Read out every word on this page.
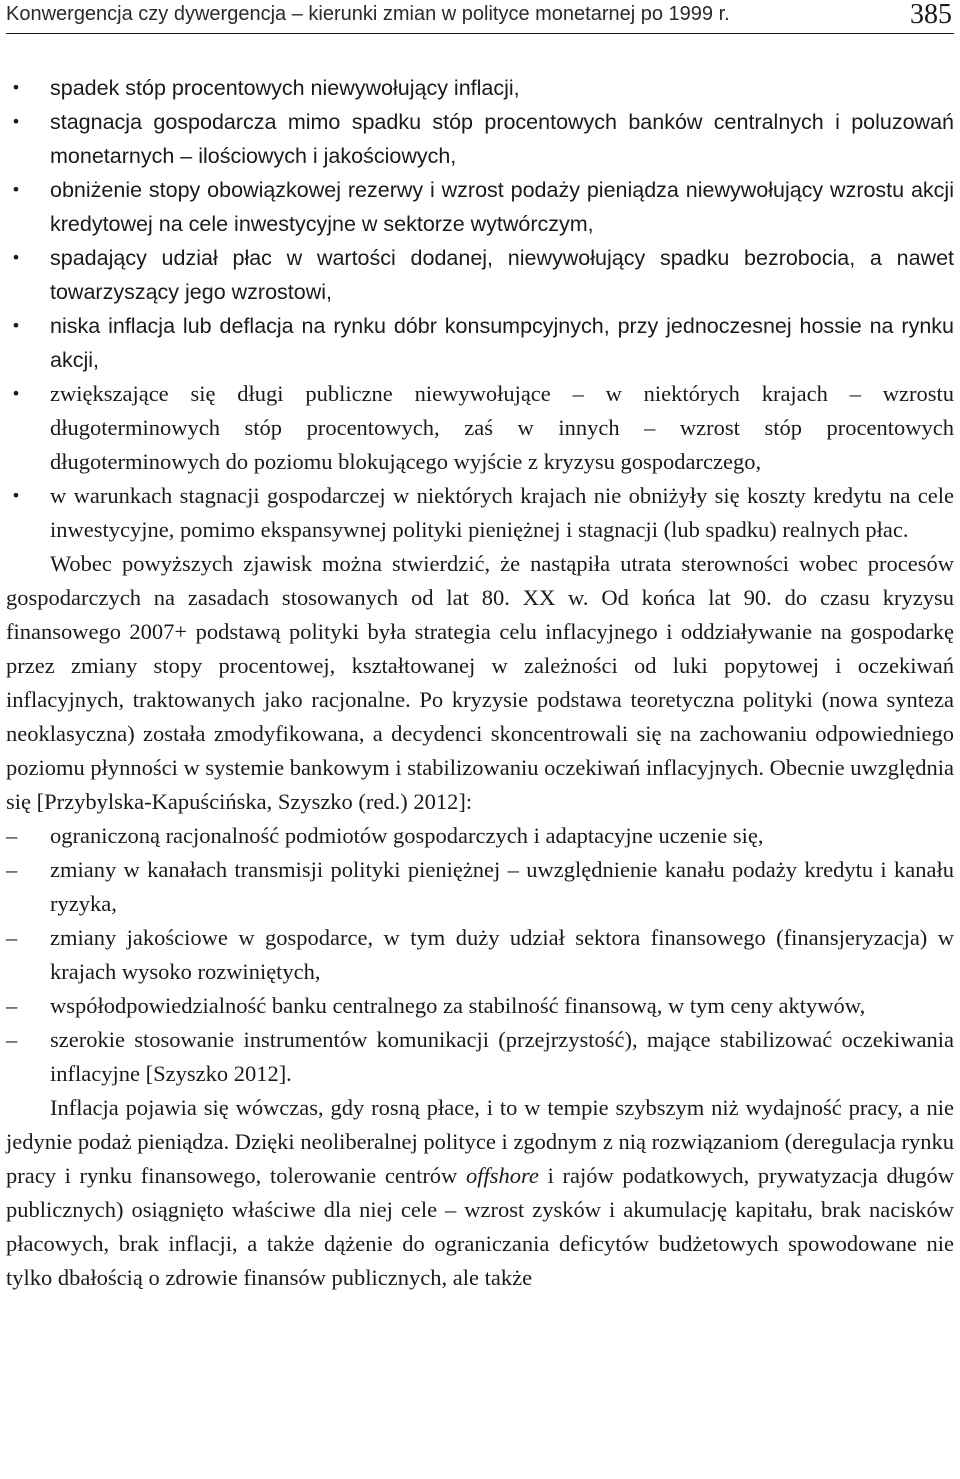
Konwergencja czy dywergencja – kierunki zmian w polityce monetarnej po 1999 r.	385
• spadek stóp procentowych niewywołujący inflacji,
• stagnacja gospodarcza mimo spadku stóp procentowych banków centralnych i poluzowań monetarnych – ilościowych i jakościowych,
• obniżenie stopy obowiązkowej rezerwy i wzrost podaży pieniądza niewywołujący wzrostu akcji kredytowej na cele inwestycyjne w sektorze wytwórczym,
• spadający udział płac w wartości dodanej, niewywołujący spadku bezrobocia, a nawet towarzyszący jego wzrostowi,
• niska inflacja lub deflacja na rynku dóbr konsumpcyjnych, przy jednoczesnej hossie na rynku akcji,
• zwiększające się długi publiczne niewywołujące – w niektórych krajach – wzrostu długoterminowych stóp procentowych, zaś w innych – wzrost stóp procentowych długoterminowych do poziomu blokującego wyjście z kryzysu gospodarczego,
• w warunkach stagnacji gospodarczej w niektórych krajach nie obniżyły się koszty kredytu na cele inwestycyjne, pomimo ekspansywnej polityki pieniężnej i stagnacji (lub spadku) realnych płac.

Wobec powyższych zjawisk można stwierdzić, że nastąpiła utrata sterowności wobec procesów gospodarczych na zasadach stosowanych od lat 80. XX w. Od końca lat 90. do czasu kryzysu finansowego 2007+ podstawą polityki była strategia celu inflacyjnego i oddziaływanie na gospodarkę przez zmiany stopy procentowej, kształtowanej w zależności od luki popytowej i oczekiwań inflacyjnych, traktowanych jako racjonalne. Po kryzysie podstawa teoretyczna polityki (nowa synteza neoklasyczna) została zmodyfikowana, a decydenci skoncentrowali się na zachowaniu odpowiedniego poziomu płynności w systemie bankowym i stabilizowaniu oczekiwań inflacyjnych. Obecnie uwzględnia się [Przybylska-Kapuścińska, Szyszko (red.) 2012]:

–	ograniczoną racjonalność podmiotów gospodarczych i adaptacyjne uczenie się,
–	zmiany w kanałach transmisji polityki pieniężnej – uwzględnienie kanału podaży kredytu i kanału ryzyka,
–	zmiany jakościowe w gospodarce, w tym duży udział sektora finansowego (finansjeryzacja) w krajach wysoko rozwiniętych,
–	współodpowiedzialność banku centralnego za stabilność finansową, w tym ceny aktywów,
–	szerokie stosowanie instrumentów komunikacji (przejrzystość), mające stabilizować oczekiwania inflacyjne [Szyszko 2012].

Inflacja pojawia się wówczas, gdy rosną płace, i to w tempie szybszym niż wydajność pracy, a nie jedynie podaż pieniądza. Dzięki neoliberalnej polityce i zgodnym z nią rozwiązaniom (deregulacja rynku pracy i rynku finansowego, tolerowanie centrów offshore i rajów podatkowych, prywatyzacja długów publicznych) osiągnięto właściwe dla niej cele – wzrost zysków i akumulację kapitału, brak nacisków płacowych, brak inflacji, a także dążenie do ograniczania deficytów budżetowych spowodowane nie tylko dbałością o zdrowie finansów publicznych, ale także
